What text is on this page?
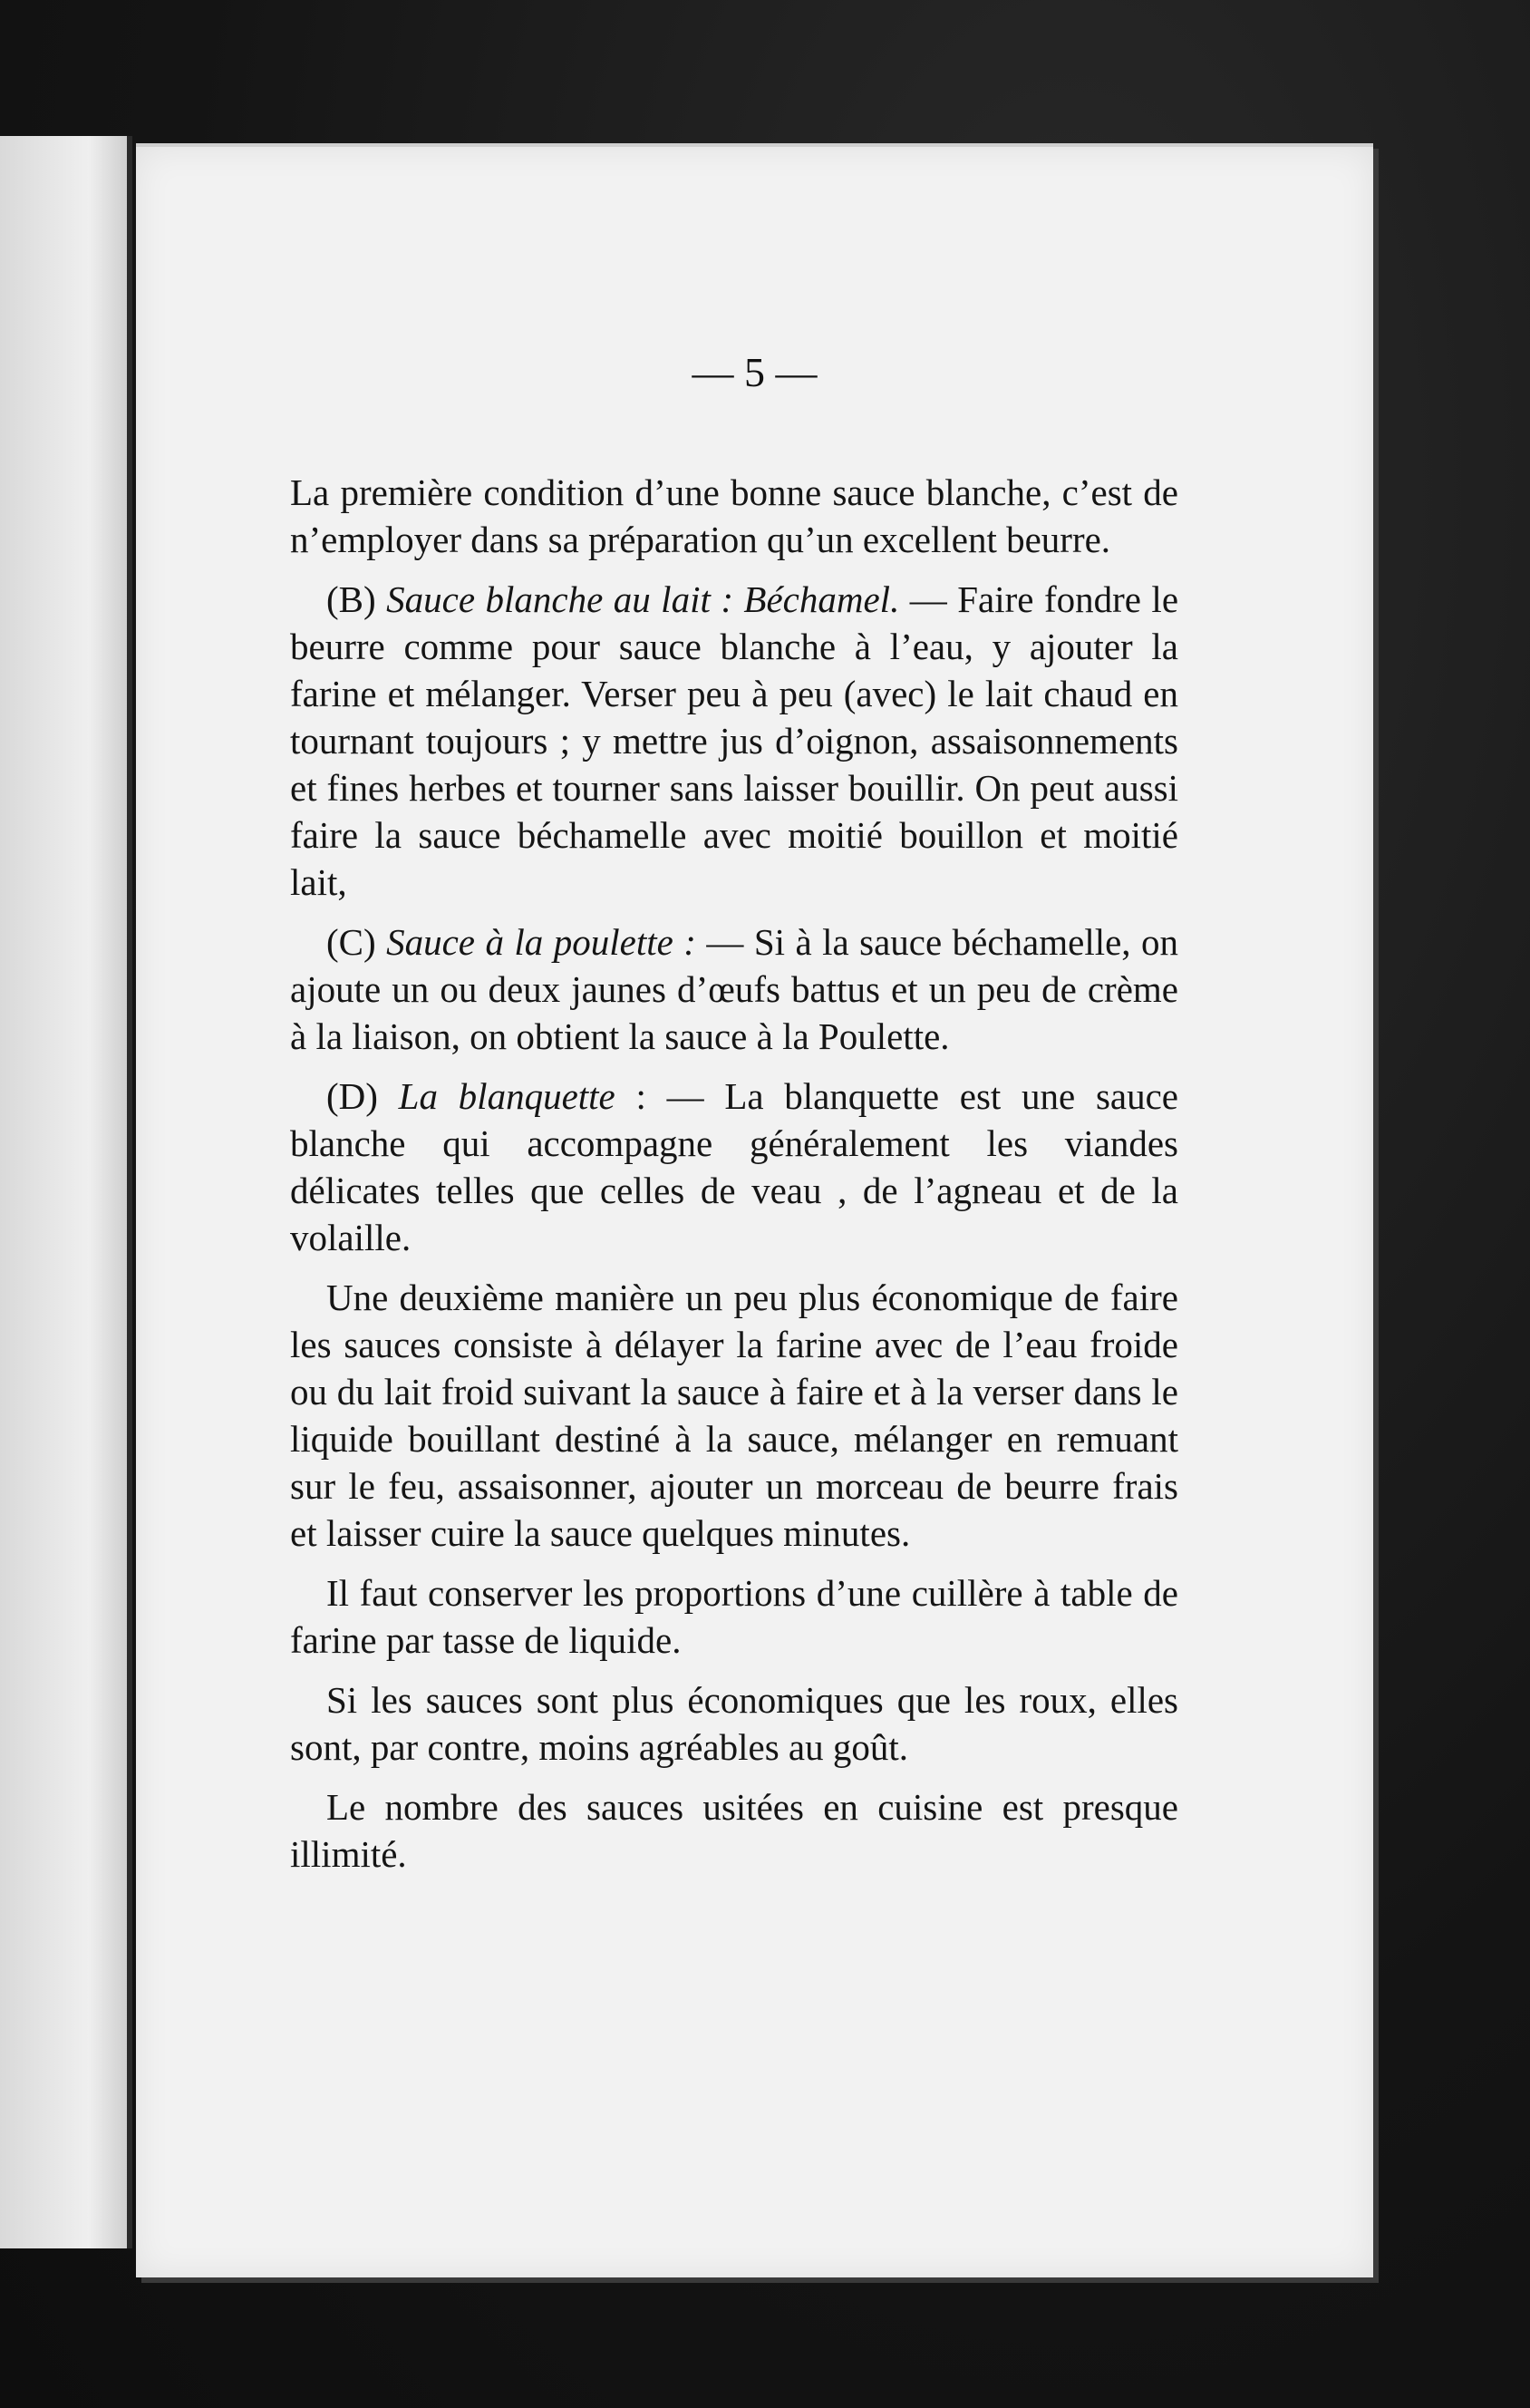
— 5 —

La première condition d’une bonne sauce blanche, c’est de n’employer dans sa préparation qu’un excellent beurre.

(B) Sauce blanche au lait : Béchamel. — Faire fondre le beurre comme pour sauce blanche à l’eau, y ajouter la farine et mélanger. Verser peu à peu (avec) le lait chaud en tournant toujours ; y mettre jus d’oignon, assaisonnements et fines herbes et tourner sans laisser bouillir. On peut aussi faire la sauce béchamelle avec moitié bouillon et moitié lait,

(C) Sauce à la poulette : — Si à la sauce béchamelle, on ajoute un ou deux jaunes d’œufs battus et un peu de crème à la liaison, on obtient la sauce à la Poulette.

(D) La blanquette : — La blanquette est une sauce blanche qui accompagne généralement les viandes délicates telles que celles de veau , de l’agneau et de la volaille.

Une deuxième manière un peu plus économique de faire les sauces consiste à délayer la farine avec de l’eau froide ou du lait froid suivant la sauce à faire et à la verser dans le liquide bouillant destiné à la sauce, mélanger en remuant sur le feu, assaisonner, ajouter un morceau de beurre frais et laisser cuire la sauce quelques minutes.

Il faut conserver les proportions d’une cuillère à table de farine par tasse de liquide.

Si les sauces sont plus économiques que les roux, elles sont, par contre, moins agréables au goût.

Le nombre des sauces usitées en cuisine est presque illimité.
